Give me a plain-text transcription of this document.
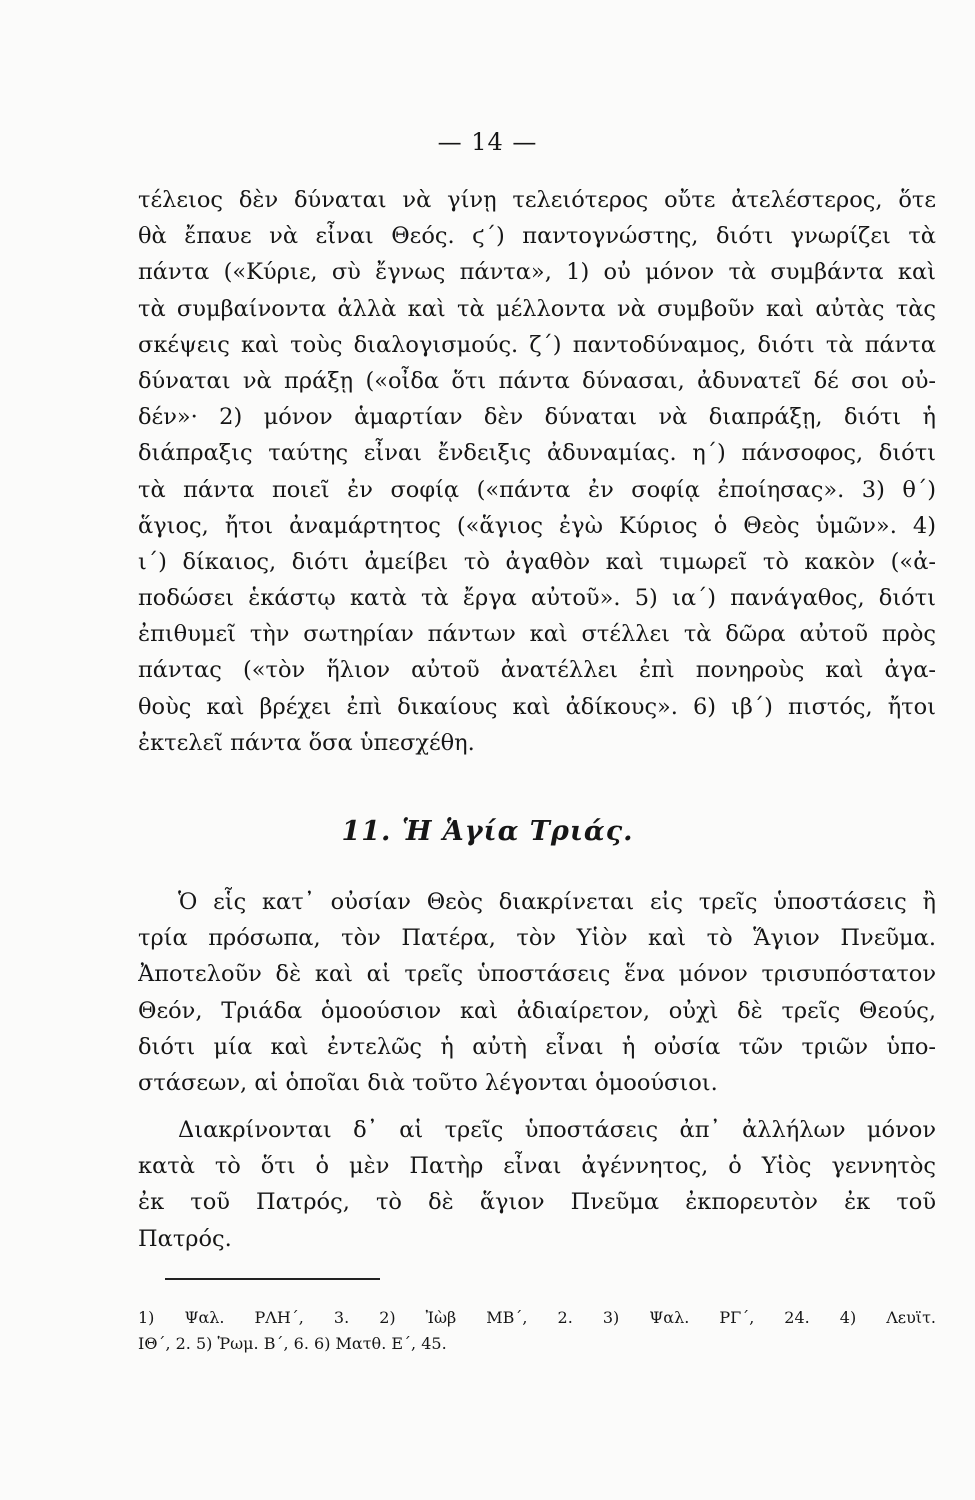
— 14 —
τέλειος δὲν δύναται νὰ γίνῃ τελειότερος οὔτε ἀτελέστερος, ὅτε
θὰ ἔπαυε νὰ εἶναι Θεός. ϛ΄) παντογνώστης, διότι γνωρίζει τὰ
πάντα («Κύριε, σὺ ἔγνως πάντα», 1) οὐ μόνον τὰ συμβάντα καὶ
τὰ συμβαίνοντα ἀλλὰ καὶ τὰ μέλλοντα νὰ συμβοῦν καὶ αὐτὰς τὰς
σκέψεις καὶ τοὺς διαλογισμούς. ζ΄) παντοδύναμος, διότι τὰ πάντα
δύναται νὰ πράξῃ («οἶδα ὅτι πάντα δύνασαι, ἀδυνατεῖ δέ σοι οὐ-
δέν»· 2) μόνον ἁμαρτίαν δὲν δύναται νὰ διαπράξῃ, διότι ἡ
διάπραξις ταύτης εἶναι ἔνδειξις ἀδυναμίας. η΄) πάνσοφος, διότι
τὰ πάντα ποιεῖ ἐν σοφίᾳ («πάντα ἐν σοφίᾳ ἐποίησας». 3) θ΄)
ἅγιος, ἤτοι ἀναμάρτητος («ἅγιος ἐγὼ Κύριος ὁ Θεὸς ὑμῶν». 4)
ι΄) δίκαιος, διότι ἀμείβει τὸ ἀγαθὸν καὶ τιμωρεῖ τὸ κακὸν («ἀ-
ποδώσει ἑκάστῳ κατὰ τὰ ἔργα αὐτοῦ». 5) ια΄) πανάγαθος, διότι
ἐπιθυμεῖ τὴν σωτηρίαν πάντων καὶ στέλλει τὰ δῶρα αὐτοῦ πρὸς
πάντας («τὸν ἥλιον αὐτοῦ ἀνατέλλει ἐπὶ πονηροὺς καὶ ἀγα-
θοὺς καὶ βρέχει ἐπὶ δικαίους καὶ ἀδίκους». 6) ιβ΄) πιστός, ἤτοι
ἐκτελεῖ πάντα ὅσα ὑπεσχέθη.
11. Ἡ Ἁγία Τριάς.
Ὁ εἷς κατ᾽ οὐσίαν Θεὸς διακρίνεται εἰς τρεῖς ὑποστάσεις ἢ
τρία πρόσωπα, τὸν Πατέρα, τὸν Υἱὸν καὶ τὸ Ἅγιον Πνεῦμα.
Ἀποτελοῦν δὲ καὶ αἱ τρεῖς ὑποστάσεις ἕνα μόνον τρισυπόστατον
Θεόν, Τριάδα ὁμοούσιον καὶ ἀδιαίρετον, οὐχὶ δὲ τρεῖς Θεούς,
διότι μία καὶ ἐντελῶς ἡ αὐτὴ εἶναι ἡ οὐσία τῶν τριῶν ὑπο-
στάσεων, αἱ ὁποῖαι διὰ τοῦτο λέγονται ὁμοούσιοι.
Διακρίνονται δ᾽ αἱ τρεῖς ὑποστάσεις ἀπ᾽ ἀλλήλων μόνον
κατὰ τὸ ὅτι ὁ μὲν Πατὴρ εἶναι ἀγέννητος, ὁ Υἱὸς γεννητὸς
ἐκ τοῦ Πατρός, τὸ δὲ ἅγιον Πνεῦμα ἐκπορευτὸν ἐκ τοῦ
Πατρός.
1) Ψαλ. ΡΛΗ΄, 3. 2) Ἰὼβ ΜΒ΄, 2. 3) Ψαλ. ΡΓ΄, 24. 4) Λευϊτ.
ΙΘ΄, 2. 5) Ῥωμ. Β΄, 6. 6) Ματθ. Ε΄, 45.
